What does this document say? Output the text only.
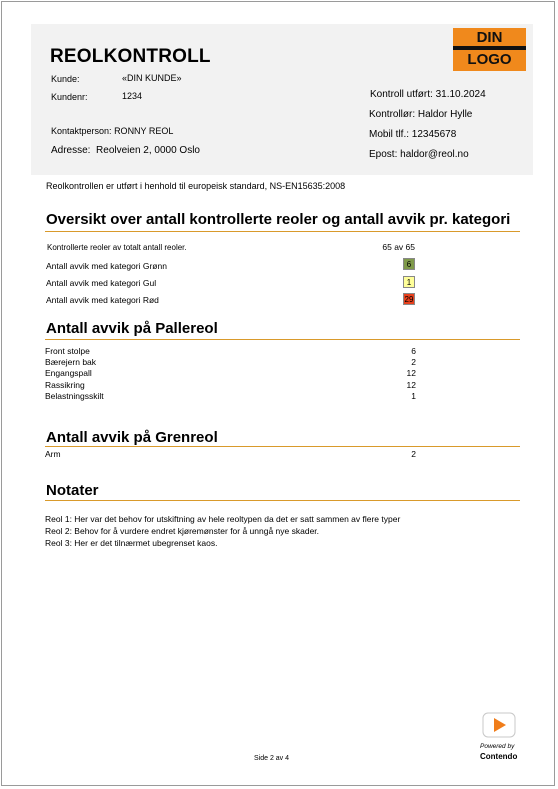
REOLKONTROLL
Kunde:	«DIN KUNDE»
Kundenr:	1234
Kontaktperson: RONNY REOL
Adresse: Reolveien 2, 0000 Oslo
Kontroll utført: 31.10.2024
Kontrollør: Haldor Hylle
Mobil tlf.: 12345678
Epost: haldor@reol.no
DIN
LOGO
Reolkontrollen er utført i henhold til europeisk standard, NS-EN15635:2008
Oversikt over antall kontrollerte reoler og antall avvik pr. kategori
Kontrollerte reoler av totalt antall reoler.	65 av 65
Antall avvik med kategori Grønn	6
Antall avvik med kategori Gul	1
Antall avvik med kategori Rød	29
Antall avvik på Pallereol
Front stolpe	6
Bærejern bak	2
Engangspall	12
Rassikring	12
Belastningsskilt	1
Antall avvik på Grenreol
Arm	2
Notater
Reol 1: Her var det behov for utskiftning av hele reoltypen da det er satt sammen av flere typer
Reol 2: Behov for å vurdere endret kjøremønster for å unngå nye skader.
Reol 3: Her er det tilnærmet ubegrenset kaos.
Side 2 av 4
Powered by
Contendo
